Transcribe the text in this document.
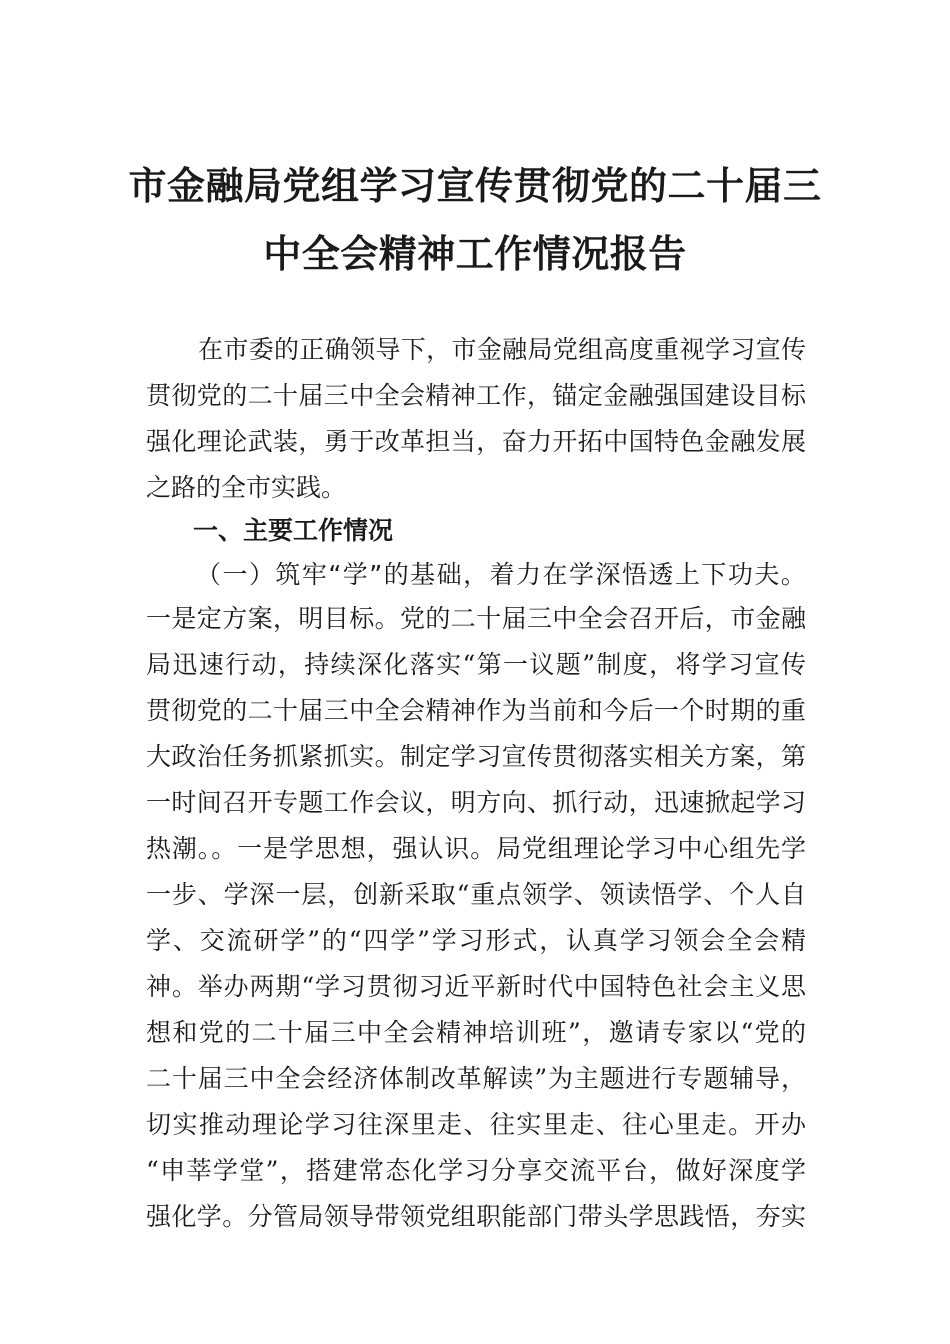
市金融局党组学习宣传贯彻党的二十届三
中全会精神工作情况报告
在市委的正确领导下，市金融局党组高度重视学习宣传
贯彻党的二十届三中全会精神工作，锚定金融强国建设目标
强化理论武装，勇于改革担当，奋力开拓中国特色金融发展
之路的全市实践。
一、主要工作情况
（一）筑牢“学”的基础，着力在学深悟透上下功夫。
一是定方案，明目标。党的二十届三中全会召开后，市金融
局迅速行动，持续深化落实“第一议题”制度，将学习宣传
贯彻党的二十届三中全会精神作为当前和今后一个时期的重
大政治任务抓紧抓实。制定学习宣传贯彻落实相关方案，第
一时间召开专题工作会议，明方向、抓行动，迅速掀起学习
热潮。。一是学思想，强认识。局党组理论学习中心组先学
一步、学深一层，创新采取“重点领学、领读悟学、个人自
学、交流研学”的“四学”学习形式，认真学习领会全会精
神。举办两期“学习贯彻习近平新时代中国特色社会主义思
想和党的二十届三中全会精神培训班”，邀请专家以“党的
二十届三中全会经济体制改革解读”为主题进行专题辅导，
切实推动理论学习往深里走、往实里走、往心里走。开办
“申莘学堂”，搭建常态化学习分享交流平台，做好深度学
强化学。分管局领导带领党组职能部门带头学思践悟，夯实
